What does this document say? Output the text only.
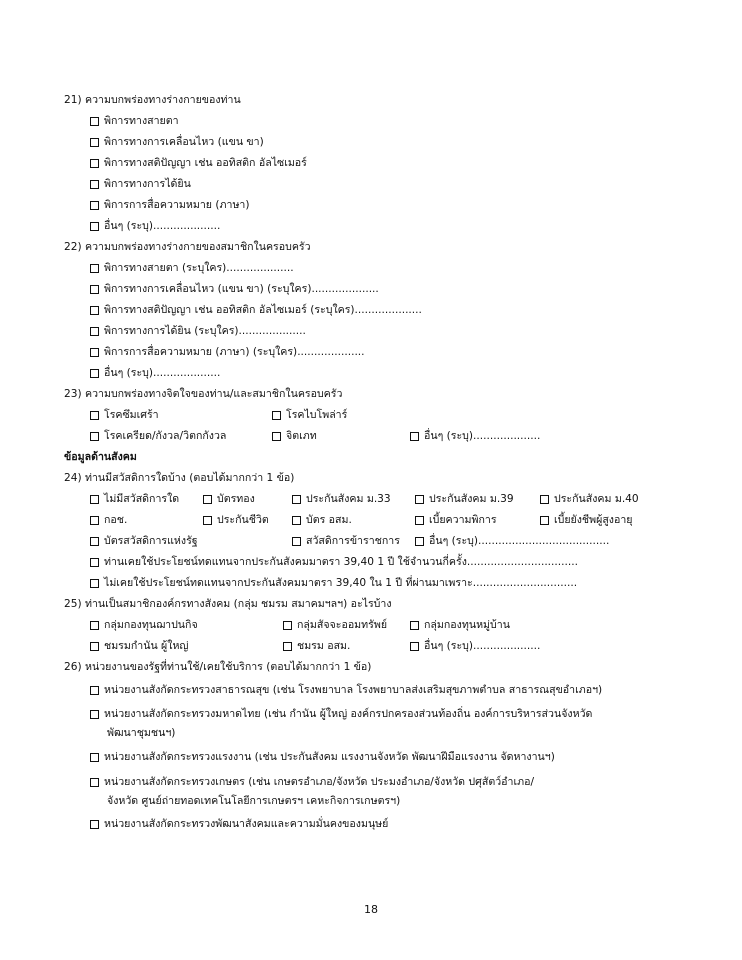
21) ความบกพร่องทางร่างกายของท่าน
พิการทางสายตา
พิการทางการเคลื่อนไหว (แขน ขา)
พิการทางสติปัญญา เช่น ออทิสติก อัลไซเมอร์
พิการทางการได้ยิน
พิการการสื่อความหมาย (ภาษา)
อื่นๆ (ระบุ)....................
22) ความบกพร่องทางร่างกายของสมาชิกในครอบครัว
พิการทางสายตา (ระบุใคร)....................
พิการทางการเคลื่อนไหว (แขน ขา) (ระบุใคร)....................
พิการทางสติปัญญา เช่น ออทิสติก อัลไซเมอร์ (ระบุใคร)....................
พิการทางการได้ยิน (ระบุใคร)....................
พิการการสื่อความหมาย (ภาษา) (ระบุใคร)....................
อื่นๆ (ระบุ)....................
23) ความบกพร่องทางจิตใจของท่าน/และสมาชิกในครอบครัว
โรคซึมเศร้า	โรคไบโพล่าร์
โรคเครียด/กังวล/วิตกกังวล	จิตเภท	อื่นๆ (ระบุ)....................
ข้อมูลด้านสังคม
24) ท่านมีสวัสดิการใดบ้าง (ตอบได้มากกว่า 1 ข้อ)
ไม่มีสวัสดิการใด	บัตรทอง	ประกันสังคม ม.33	ประกันสังคม ม.39	ประกันสังคม ม.40
กอช.	ประกันชีวิต	บัตร อสม.	เบี้ยความพิการ	เบี้ยยังชีพผู้สูงอายุ
บัตรสวัสดิการแห่งรัฐ	สวัสดิการข้าราชการ	อื่นๆ (ระบุ).......................................
ท่านเคยใช้ประโยชน์ทดแทนจากประกันสังคมมาตรา 39,40 1 ปี ใช้จำนวนกี่ครั้ง.................................
ไม่เคยใช้ประโยชน์ทดแทนจากประกันสังคมมาตรา 39,40 ใน 1 ปี ที่ผ่านมาเพราะ...............................
25) ท่านเป็นสมาชิกองค์กรทางสังคม (กลุ่ม ชมรม สมาคมฯลฯ) อะไรบ้าง
กลุ่มกองทุนฌาปนกิจ	กลุ่มสัจจะออมทรัพย์	กลุ่มกองทุนหมู่บ้าน
ชมรมกำนัน ผู้ใหญ่	ชมรม อสม.	อื่นๆ (ระบุ)....................
26) หน่วยงานของรัฐที่ท่านใช้/เคยใช้บริการ (ตอบได้มากกว่า 1 ข้อ)
หน่วยงานสังกัดกระทรวงสาธารณสุข (เช่น โรงพยาบาล โรงพยาบาลส่งเสริมสุขภาพตำบล สาธารณสุขอำเภอฯ)
หน่วยงานสังกัดกระทรวงมหาดไทย (เช่น กำนัน ผู้ใหญ่ องค์กรปกครองส่วนท้องถิ่น องค์การบริหารส่วนจังหวัด
พัฒนาชุมชนฯ)
หน่วยงานสังกัดกระทรวงแรงงาน (เช่น ประกันสังคม แรงงานจังหวัด พัฒนาฝีมือแรงงาน จัดหางานฯ)
หน่วยงานสังกัดกระทรวงเกษตร (เช่น เกษตรอำเภอ/จังหวัด ประมงอำเภอ/จังหวัด ปศุสัตว์อำเภอ/
จังหวัด ศูนย์ถ่ายทอดเทคโนโลยีการเกษตรฯ เคหะกิจการเกษตรฯ)
หน่วยงานสังกัดกระทรวงพัฒนาสังคมและความมั่นคงของมนุษย์
18
